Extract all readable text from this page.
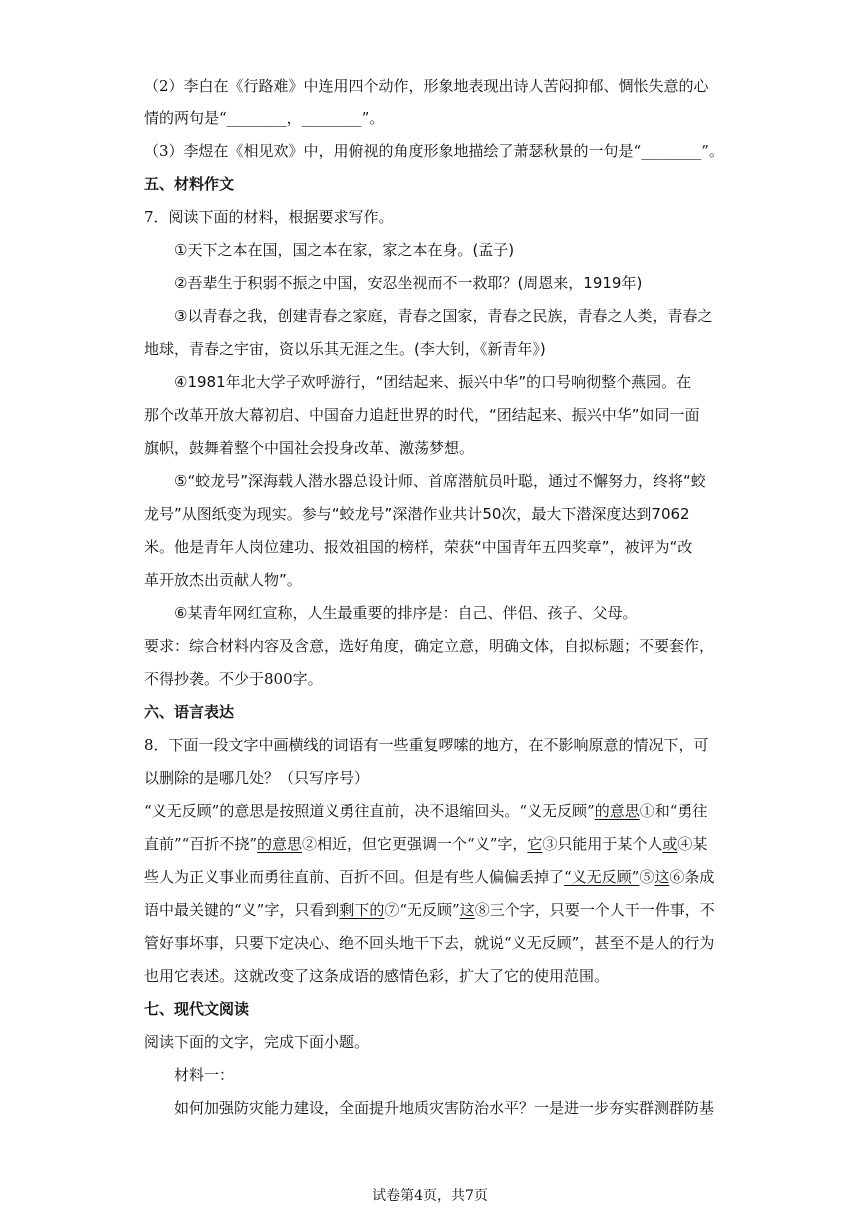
（2）李白在《行路难》中连用四个动作，形象地表现出诗人苦闷抑郁、惆怅失意的心
情的两句是“________，________”。
（3）李煜在《相见欢》中，用俯视的角度形象地描绘了萧瑟秋景的一句是“________”。
五、材料作文
7．阅读下面的材料，根据要求写作。
①天下之本在国，国之本在家，家之本在身。(孟子)
②吾辈生于积弱不振之中国，安忍坐视而不一救耶？(周恩来，1919年)
③以青春之我，创建青春之家庭，青春之国家，青春之民族，青春之人类，青春之
地球，青春之宇宙，资以乐其无涯之生。(李大钊，《新青年》)
④1981年北大学子欢呼游行，“团结起来、振兴中华”的口号响彻整个燕园。在
那个改革开放大幕初启、中国奋力追赶世界的时代，“团结起来、振兴中华”如同一面
旗帜，鼓舞着整个中国社会投身改革、激荡梦想。
⑤“蛟龙号”深海载人潜水器总设计师、首席潜航员叶聪，通过不懈努力，终将“蛟
龙号”从图纸变为现实。参与“蛟龙号”深潜作业共计50次，最大下潜深度达到7062
米。他是青年人岗位建功、报效祖国的榜样，荣获“中国青年五四奖章”，被评为“改
革开放杰出贡献人物”。
⑥某青年网红宣称，人生最重要的排序是：自己、伴侣、孩子、父母。
要求：综合材料内容及含意，选好角度，确定立意，明确文体，自拟标题；不要套作，
不得抄袭。不少于800字。
六、语言表达
8．下面一段文字中画横线的词语有一些重复啰嗦的地方，在不影响原意的情况下，可
以删除的是哪几处？（只写序号）
“义无反顾”的意思是按照道义勇往直前，决不退缩回头。“义无反顾”的意思①和“勇往
直前”“百折不挠”的意思②相近，但它更强调一个“义”字，它③只能用于某个人或④某
些人为正义事业而勇往直前、百折不回。但是有些人偏偏丢掉了“义无反顾”⑤这⑥条成
语中最关键的“义”字，只看到剩下的⑦“无反顾”这⑧三个字，只要一个人干一件事，不
管好事坏事，只要下定决心、绝不回头地干下去，就说“义无反顾”，甚至不是人的行为
也用它表述。这就改变了这条成语的感情色彩，扩大了它的使用范围。
七、现代文阅读
阅读下面的文字，完成下面小题。
材料一：
如何加强防灾能力建设，全面提升地质灾害防治水平？一是进一步夯实群测群防基
试卷第4页，共7页
